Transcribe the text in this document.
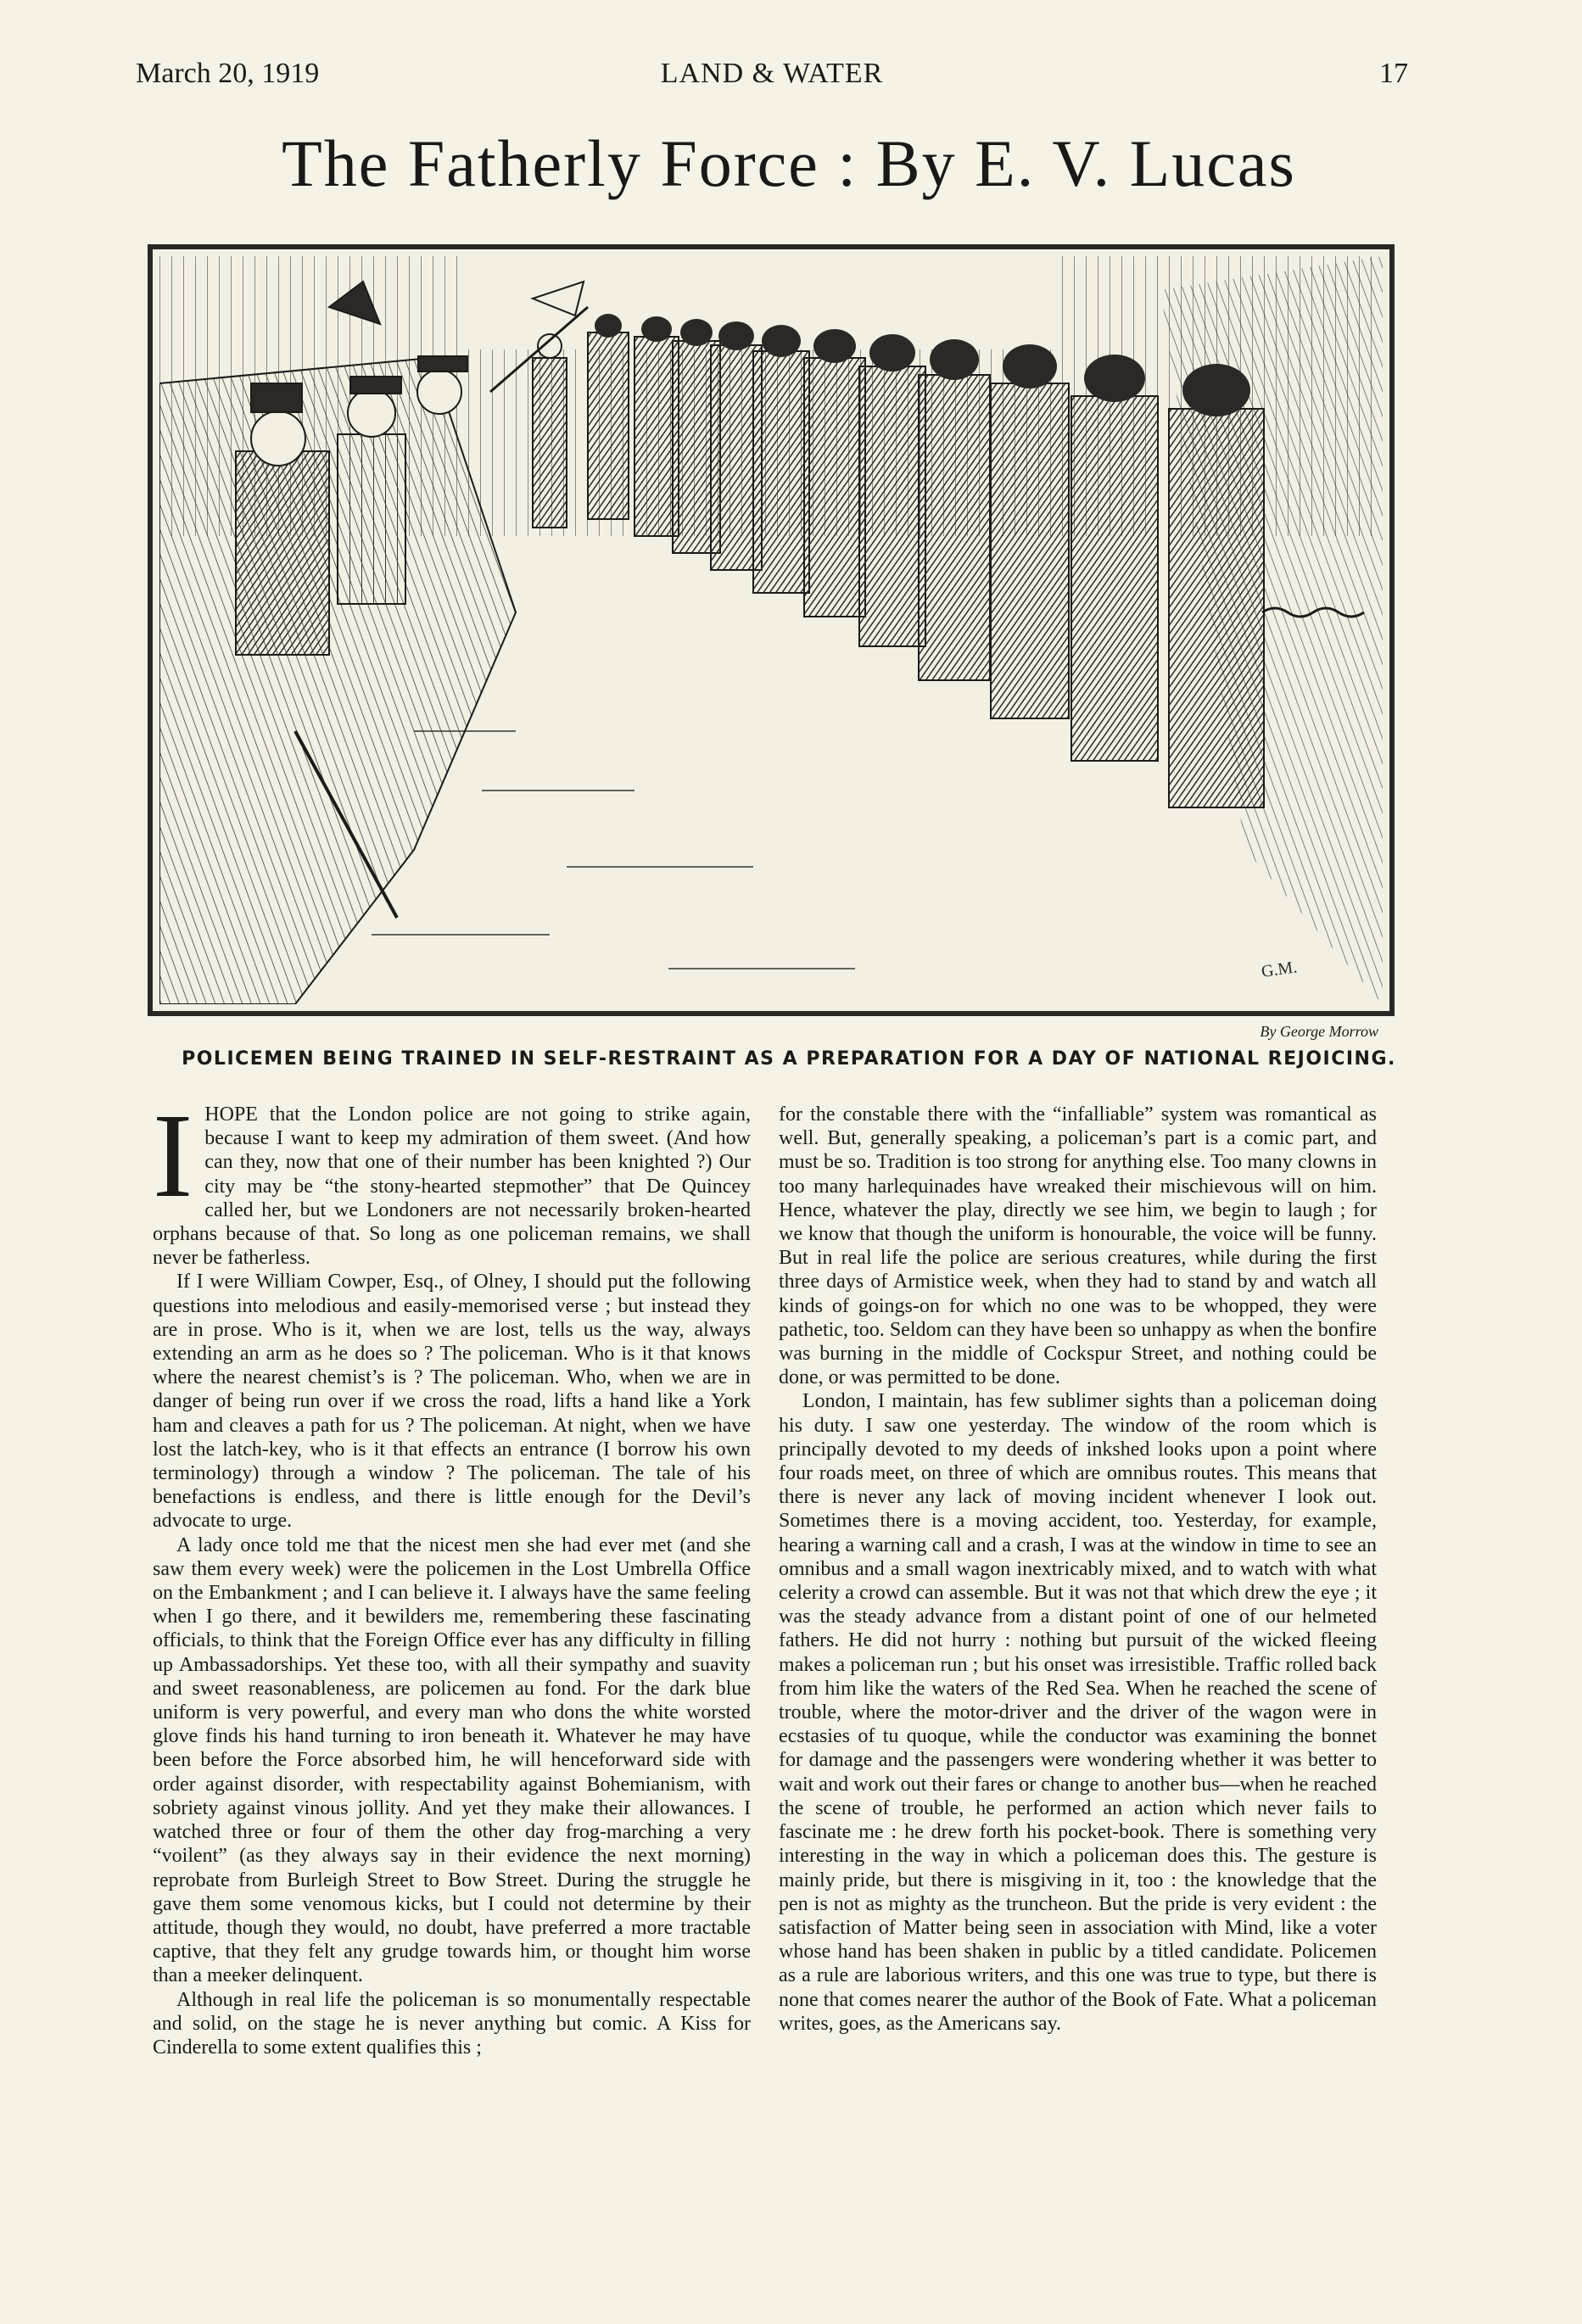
March 20, 1919	LAND & WATER	17
The Fatherly Force : By E. V. Lucas
G.M.
By George Morrow
POLICEMEN BEING TRAINED IN SELF-RESTRAINT AS A PREPARATION FOR A DAY OF NATIONAL REJOICING.

I HOPE that the London police are not going to strike again, because I want to keep my admiration of them sweet. (And how can they, now that one of their number has been knighted ?) Our city may be “the stony-hearted stepmother” that De Quincey called her, but we Londoners are not necessarily broken-hearted orphans because of that. So long as one policeman remains, we shall never be fatherless.

If I were William Cowper, Esq., of Olney, I should put the following questions into melodious and easily-memorised verse ; but instead they are in prose. Who is it, when we are lost, tells us the way, always extending an arm as he does so ? The policeman. Who is it that knows where the nearest chemist’s is ? The policeman. Who, when we are in danger of being run over if we cross the road, lifts a hand like a York ham and cleaves a path for us ? The policeman. At night, when we have lost the latch-key, who is it that effects an entrance (I borrow his own terminology) through a window ? The policeman. The tale of his benefactions is endless, and there is little enough for the Devil’s advocate to urge.

A lady once told me that the nicest men she had ever met (and she saw them every week) were the policemen in the Lost Umbrella Office on the Embankment ; and I can believe it. I always have the same feeling when I go there, and it bewilders me, remembering these fascinating officials, to think that the Foreign Office ever has any difficulty in filling up Ambassadorships. Yet these too, with all their sympathy and suavity and sweet reasonableness, are policemen au fond. For the dark blue uniform is very powerful, and every man who dons the white worsted glove finds his hand turning to iron beneath it. Whatever he may have been before the Force absorbed him, he will henceforward side with order against disorder, with respectability against Bohemianism, with sobriety against vinous jollity. And yet they make their allowances. I watched three or four of them the other day frog-marching a very “voilent” (as they always say in their evidence the next morning) reprobate from Burleigh Street to Bow Street. During the struggle he gave them some venomous kicks, but I could not determine by their attitude, though they would, no doubt, have preferred a more tractable captive, that they felt any grudge towards him, or thought him worse than a meeker delinquent.

Although in real life the policeman is so monumentally respectable and solid, on the stage he is never anything but comic. A Kiss for Cinderella to some extent qualifies this ;

for the constable there with the “infalliable” system was romantical as well. But, generally speaking, a policeman’s part is a comic part, and must be so. Tradition is too strong for anything else. Too many clowns in too many harlequinades have wreaked their mischievous will on him. Hence, whatever the play, directly we see him, we begin to laugh ; for we know that though the uniform is honourable, the voice will be funny. But in real life the police are serious creatures, while during the first three days of Armistice week, when they had to stand by and watch all kinds of goings-on for which no one was to be whopped, they were pathetic, too. Seldom can they have been so unhappy as when the bonfire was burning in the middle of Cockspur Street, and nothing could be done, or was permitted to be done.

London, I maintain, has few sublimer sights than a policeman doing his duty. I saw one yesterday. The window of the room which is principally devoted to my deeds of inkshed looks upon a point where four roads meet, on three of which are omnibus routes. This means that there is never any lack of moving incident whenever I look out. Sometimes there is a moving accident, too. Yesterday, for example, hearing a warning call and a crash, I was at the window in time to see an omnibus and a small wagon inextricably mixed, and to watch with what celerity a crowd can assemble. But it was not that which drew the eye ; it was the steady advance from a distant point of one of our helmeted fathers. He did not hurry : nothing but pursuit of the wicked fleeing makes a policeman run ; but his onset was irresistible. Traffic rolled back from him like the waters of the Red Sea. When he reached the scene of trouble, where the motor-driver and the driver of the wagon were in ecstasies of tu quoque, while the conductor was examining the bonnet for damage and the passengers were wondering whether it was better to wait and work out their fares or change to another bus—when he reached the scene of trouble, he performed an action which never fails to fascinate me : he drew forth his pocket-book. There is something very interesting in the way in which a policeman does this. The gesture is mainly pride, but there is misgiving in it, too : the knowledge that the pen is not as mighty as the truncheon. But the pride is very evident : the satisfaction of Matter being seen in association with Mind, like a voter whose hand has been shaken in public by a titled candidate. Policemen as a rule are laborious writers, and this one was true to type, but there is none that comes nearer the author of the Book of Fate. What a policeman writes, goes, as the Americans say.
